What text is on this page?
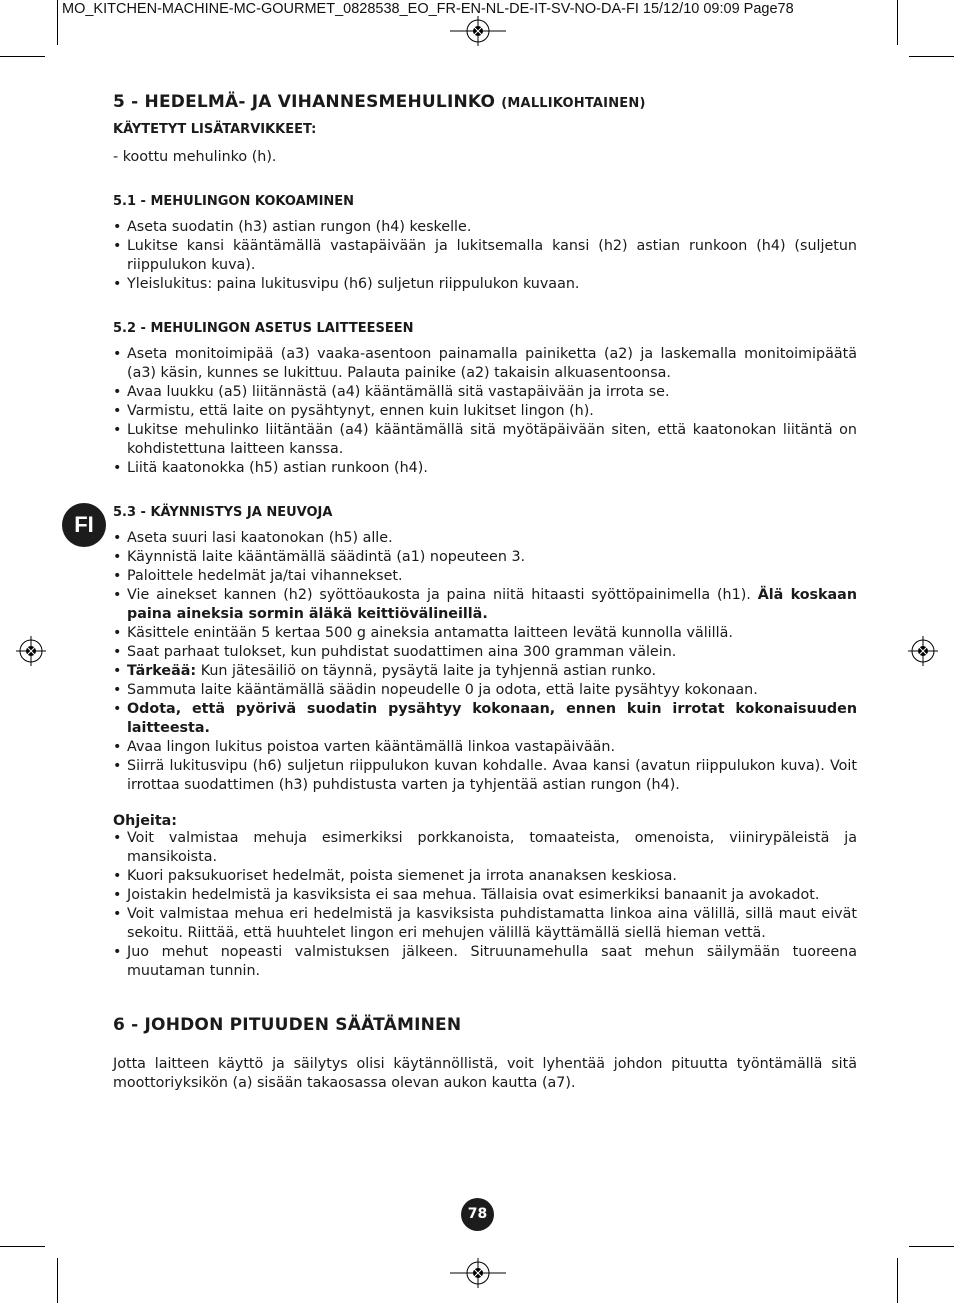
MO_KITCHEN-MACHINE-MC-GOURMET_0828538_EO_FR-EN-NL-DE-IT-SV-NO-DA-FI 15/12/10 09:09 Page78
FI
5 - HEDELMÄ- JA VIHANNESMEHULINKO (MALLIKOHTAINEN)
KÄYTETYT LISÄTARVIKKEET:

- koottu mehulinko (h).

5.1 - MEHULINGON KOKOAMINEN
• Aseta suodatin (h3) astian rungon (h4) keskelle.
• Lukitse kansi kääntämällä vastapäivään ja lukitsemalla kansi (h2) astian runkoon (h4) (suljetun riippulukon kuva).
• Yleislukitus: paina lukitusvipu (h6) suljetun riippulukon kuvaan.
5.2 - MEHULINGON ASETUS LAITTEESEEN
• Aseta monitoimipää (a3) vaaka-asentoon painamalla painiketta (a2) ja laskemalla monitoimipäätä (a3) käsin, kunnes se lukittuu. Palauta painike (a2) takaisin alkuasentoonsa.
• Avaa luukku (a5) liitännästä (a4) kääntämällä sitä vastapäivään ja irrota se.
• Varmistu, että laite on pysähtynyt, ennen kuin lukitset lingon (h).
• Lukitse mehulinko liitäntään (a4) kääntämällä sitä myötäpäivään siten, että kaatonokan liitäntä on kohdistettuna laitteen kanssa.
• Liitä kaatonokka (h5) astian runkoon (h4).
5.3 - KÄYNNISTYS JA NEUVOJA
• Aseta suuri lasi kaatonokan (h5) alle.
• Käynnistä laite kääntämällä säädintä (a1) nopeuteen 3.
• Paloittele hedelmät ja/tai vihannekset.
• Vie ainekset kannen (h2) syöttöaukosta ja paina niitä hitaasti syöttöpainimella (h1). Älä koskaan paina aineksia sormin äläkä keittiövälineillä.
• Käsittele enintään 5 kertaa 500 g aineksia antamatta laitteen levätä kunnolla välillä.
• Saat parhaat tulokset, kun puhdistat suodattimen aina 300 gramman välein.
• Tärkeää: Kun jätesäiliö on täynnä, pysäytä laite ja tyhjennä astian runko.
• Sammuta laite kääntämällä säädin nopeudelle 0 ja odota, että laite pysähtyy kokonaan.
• Odota, että pyörivä suodatin pysähtyy kokonaan, ennen kuin irrotat kokonaisuuden laitteesta.
• Avaa lingon lukitus poistoa varten kääntämällä linkoa vastapäivään.
• Siirrä lukitusvipu (h6) suljetun riippulukon kuvan kohdalle. Avaa kansi (avatun riippulukon kuva). Voit irrottaa suodattimen (h3) puhdistusta varten ja tyhjentää astian rungon (h4).
Ohjeita:
• Voit valmistaa mehuja esimerkiksi porkkanoista, tomaateista, omenoista, viinirypäleistä ja mansikoista.
• Kuori paksukuoriset hedelmät, poista siemenet ja irrota ananaksen keskiosa.
• Joistakin hedelmistä ja kasviksista ei saa mehua. Tällaisia ovat esimerkiksi banaanit ja avokadot.
• Voit valmistaa mehua eri hedelmistä ja kasviksista puhdistamatta linkoa aina välillä, sillä maut eivät sekoitu. Riittää, että huuhtelet lingon eri mehujen välillä käyttämällä siellä hieman vettä.
• Juo mehut nopeasti valmistuksen jälkeen. Sitruunamehulla saat mehun säilymään tuoreena muutaman tunnin.
6 - JOHDON PITUUDEN SÄÄTÄMINEN

Jotta laitteen käyttö ja säilytys olisi käytännöllistä, voit lyhentää johdon pituutta työntämällä sitä moottoriyksikön (a) sisään takaosassa olevan aukon kautta (a7).

78
